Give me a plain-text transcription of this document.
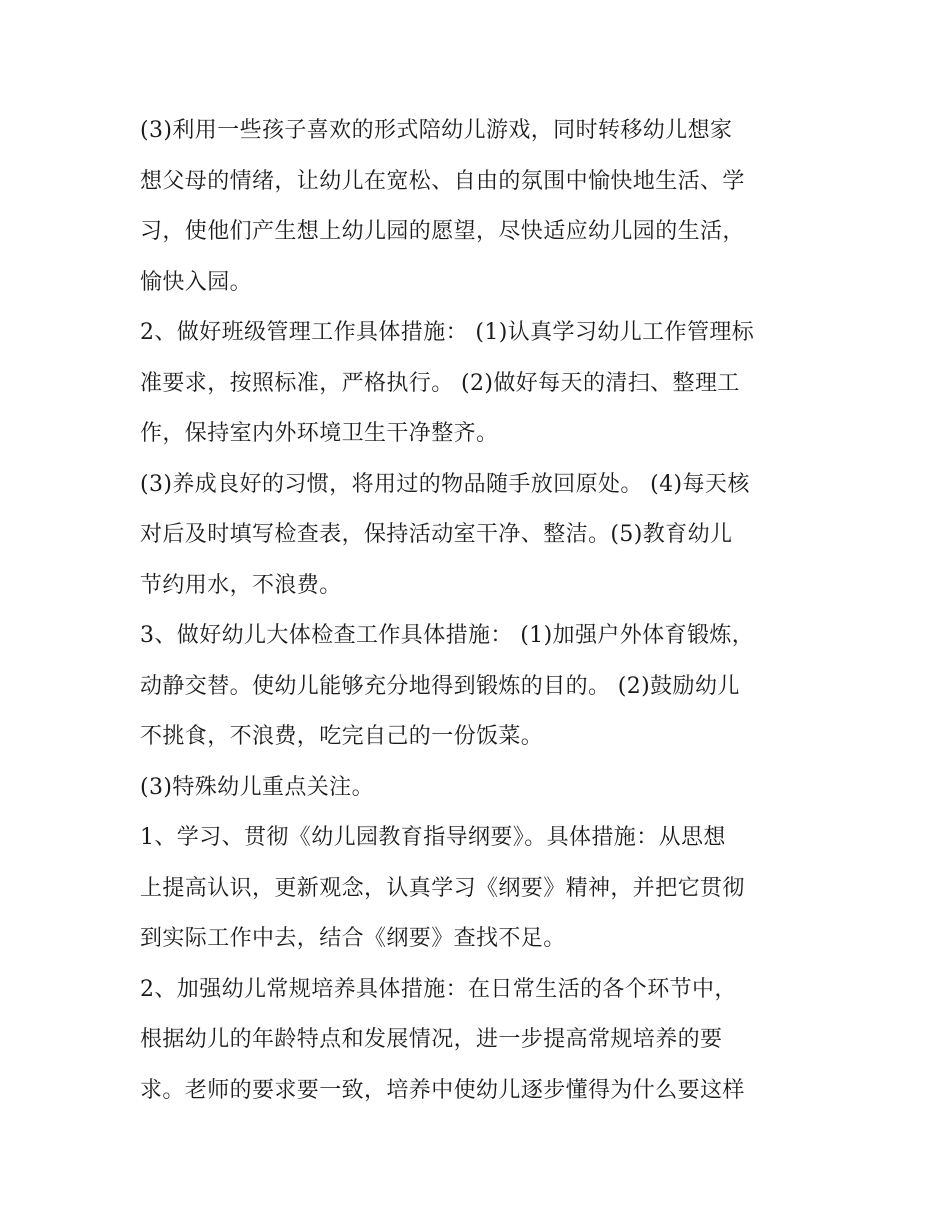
(3)利用一些孩子喜欢的形式陪幼儿游戏，同时转移幼儿想家
想父母的情绪，让幼儿在宽松、自由的氛围中愉快地生活、学
习，使他们产生想上幼儿园的愿望，尽快适应幼儿园的生活，
愉快入园。

2、做好班级管理工作具体措施： (1)认真学习幼儿工作管理标
准要求，按照标准，严格执行。 (2)做好每天的清扫、整理工
作，保持室内外环境卫生干净整齐。

(3)养成良好的习惯，将用过的物品随手放回原处。 (4)每天核
对后及时填写检查表，保持活动室干净、整洁。(5)教育幼儿
节约用水，不浪费。

3、做好幼儿大体检查工作具体措施： (1)加强户外体育锻炼，
动静交替。使幼儿能够充分地得到锻炼的目的。 (2)鼓励幼儿
不挑食，不浪费，吃完自己的一份饭菜。

(3)特殊幼儿重点关注。

1、学习、贯彻《幼儿园教育指导纲要》。具体措施：从思想
上提高认识，更新观念，认真学习《纲要》精神，并把它贯彻
到实际工作中去，结合《纲要》查找不足。

2、加强幼儿常规培养具体措施：在日常生活的各个环节中，
根据幼儿的年龄特点和发展情况，进一步提高常规培养的要
求。老师的要求要一致，培养中使幼儿逐步懂得为什么要这样
